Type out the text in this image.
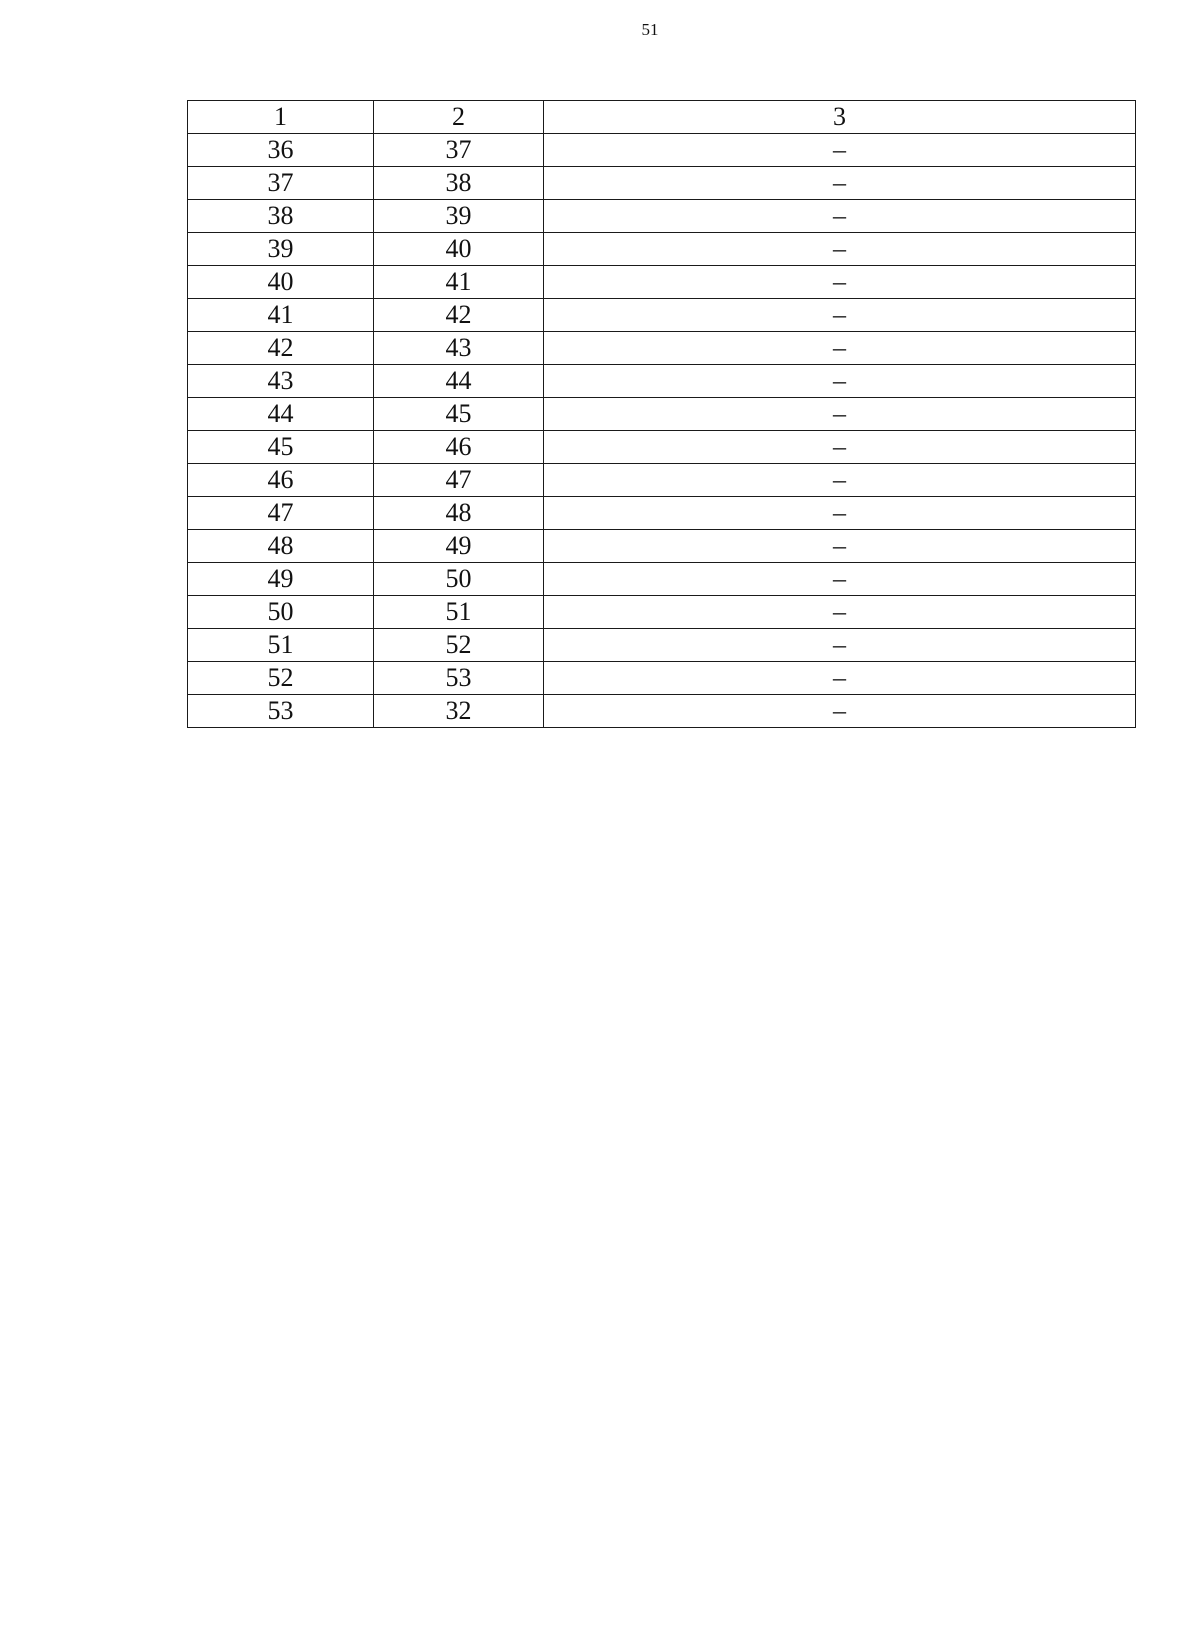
51
1	2	3
36	37	–
37	38	–
38	39	–
39	40	–
40	41	–
41	42	–
42	43	–
43	44	–
44	45	–
45	46	–
46	47	–
47	48	–
48	49	–
49	50	–
50	51	–
51	52	–
52	53	–
53	32	–
